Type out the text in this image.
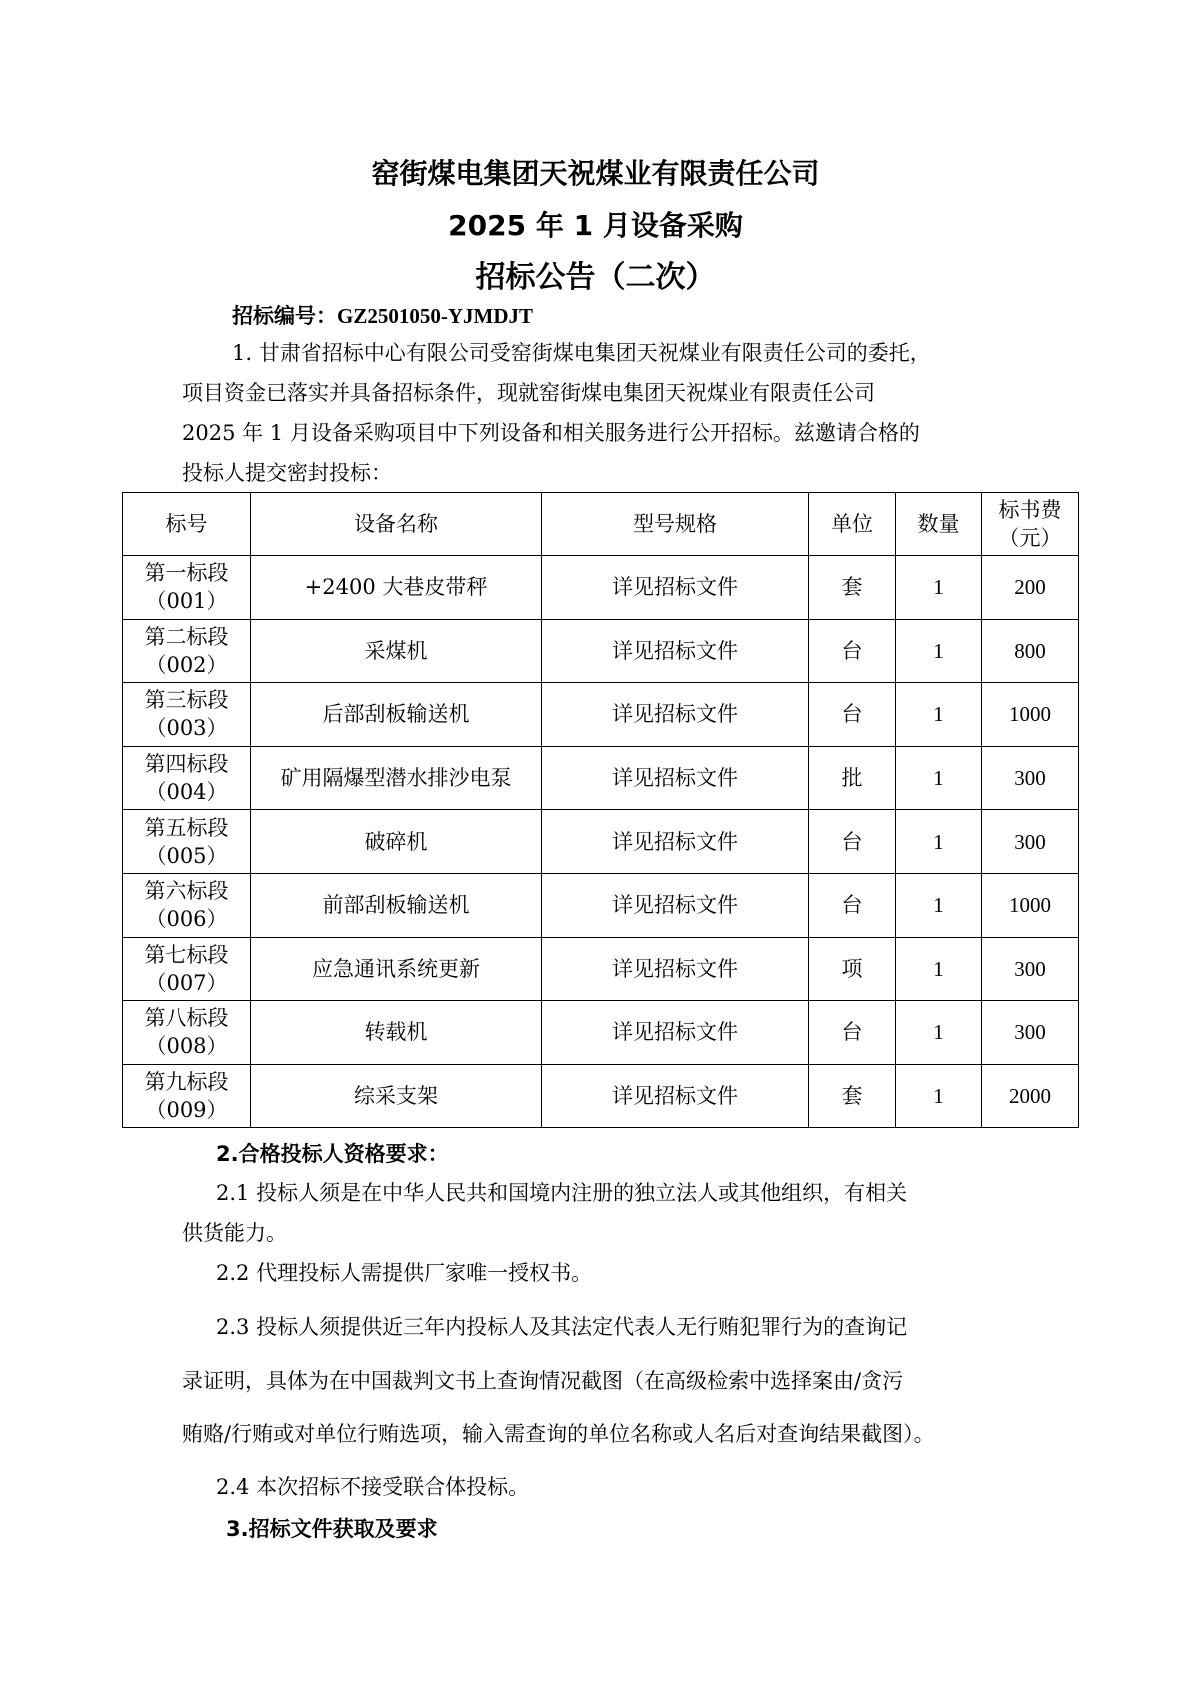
窑街煤电集团天祝煤业有限责任公司
2025 年 1 月设备采购
招标公告（二次）
招标编号：GZ2501050-YJMDJT
1. 甘肃省招标中心有限公司受窑街煤电集团天祝煤业有限责任公司的委托，
项目资金已落实并具备招标条件，现就窑街煤电集团天祝煤业有限责任公司
2025 年 1 月设备采购项目中下列设备和相关服务进行公开招标。兹邀请合格的
投标人提交密封投标：
标号	设备名称	型号规格	单位	数量	标书费
（元）

第一标段
（001）	+2400 大巷皮带秤	详见招标文件	套	1	200

第二标段
（002）	采煤机	详见招标文件	台	1	800

第三标段
（003）	后部刮板输送机	详见招标文件	台	1	1000

第四标段
（004）	矿用隔爆型潜水排沙电泵	详见招标文件	批	1	300

第五标段
（005）	破碎机	详见招标文件	台	1	300

第六标段
（006）	前部刮板输送机	详见招标文件	台	1	1000

第七标段
（007）	应急通讯系统更新	详见招标文件	项	1	300

第八标段
（008）	转载机	详见招标文件	台	1	300

第九标段
（009）	综采支架	详见招标文件	套	1	2000
2.合格投标人资格要求：
2.1 投标人须是在中华人民共和国境内注册的独立法人或其他组织，有相关
供货能力。
2.2 代理投标人需提供厂家唯一授权书。
2.3 投标人须提供近三年内投标人及其法定代表人无行贿犯罪行为的查询记
录证明，具体为在中国裁判文书上查询情况截图（在高级检索中选择案由/贪污
贿赂/行贿或对单位行贿选项，输入需查询的单位名称或人名后对查询结果截图）。
2.4 本次招标不接受联合体投标。
3.招标文件获取及要求
